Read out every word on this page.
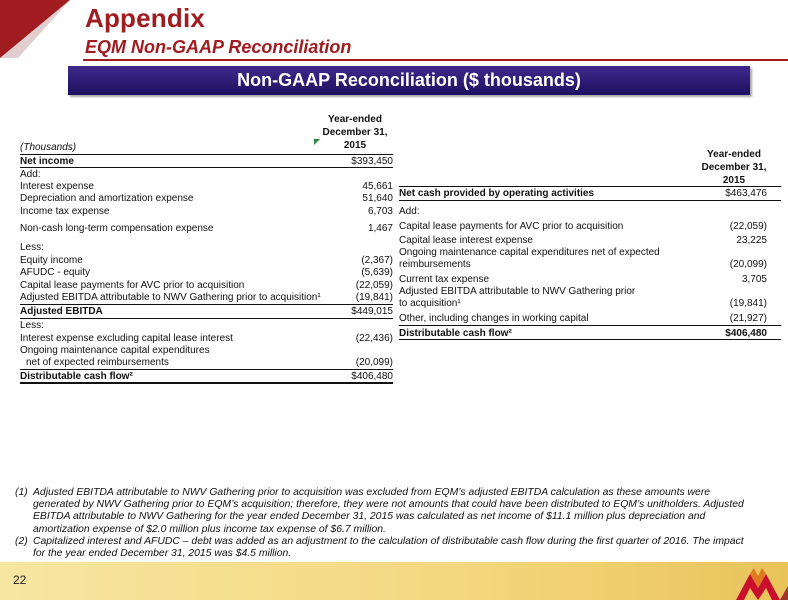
Appendix
EQM Non-GAAP Reconciliation
Non-GAAP Reconciliation ($ thousands)
Year-ended
December 31,
2015
(Thousands)
Net income	$393,450
Add:
Interest expense	45,661
Depreciation and amortization expense	51,640
Income tax expense	6,703
Non-cash long-term compensation expense	1,467
Less:
Equity income	(2,367)
AFUDC - equity	(5,639)
Capital lease payments for AVC prior to acquisition	(22,059)
Adjusted EBITDA attributable to NWV Gathering prior to acquisition¹	(19,841)
Adjusted EBITDA	$449,015
Less:
Interest expense excluding capital lease interest	(22,436)
Ongoing maintenance capital expenditures
net of expected reimbursements	(20,099)
Distributable cash flow²	$406,480
Year-ended
December 31,
2015
Net cash provided by operating activities	$463,476
Add:
Capital lease payments for AVC prior to acquisition	(22,059)
Capital lease interest expense	23,225
Ongoing maintenance capital expenditures net of expected
reimbursements	(20,099)
Current tax expense	3,705
Adjusted EBITDA attributable to NWV Gathering prior
to acquisition¹	(19,841)
Other, including changes in working capital	(21,927)
Distributable cash flow²	$406,480
(1) Adjusted EBITDA attributable to NWV Gathering prior to acquisition was excluded from EQM’s adjusted EBITDA calculation as these amounts were generated by NWV Gathering prior to EQM’s acquisition; therefore, they were not amounts that could have been distributed to EQM’s unitholders. Adjusted EBITDA attributable to NWV Gathering for the year ended December 31, 2015 was calculated as net income of $11.1 million plus depreciation and amortization expense of $2.0 million plus income tax expense of $6.7 million.
(2) Capitalized interest and AFUDC – debt was added as an adjustment to the calculation of distributable cash flow during the first quarter of 2016. The impact for the year ended December 31, 2015 was $4.5 million.
22
